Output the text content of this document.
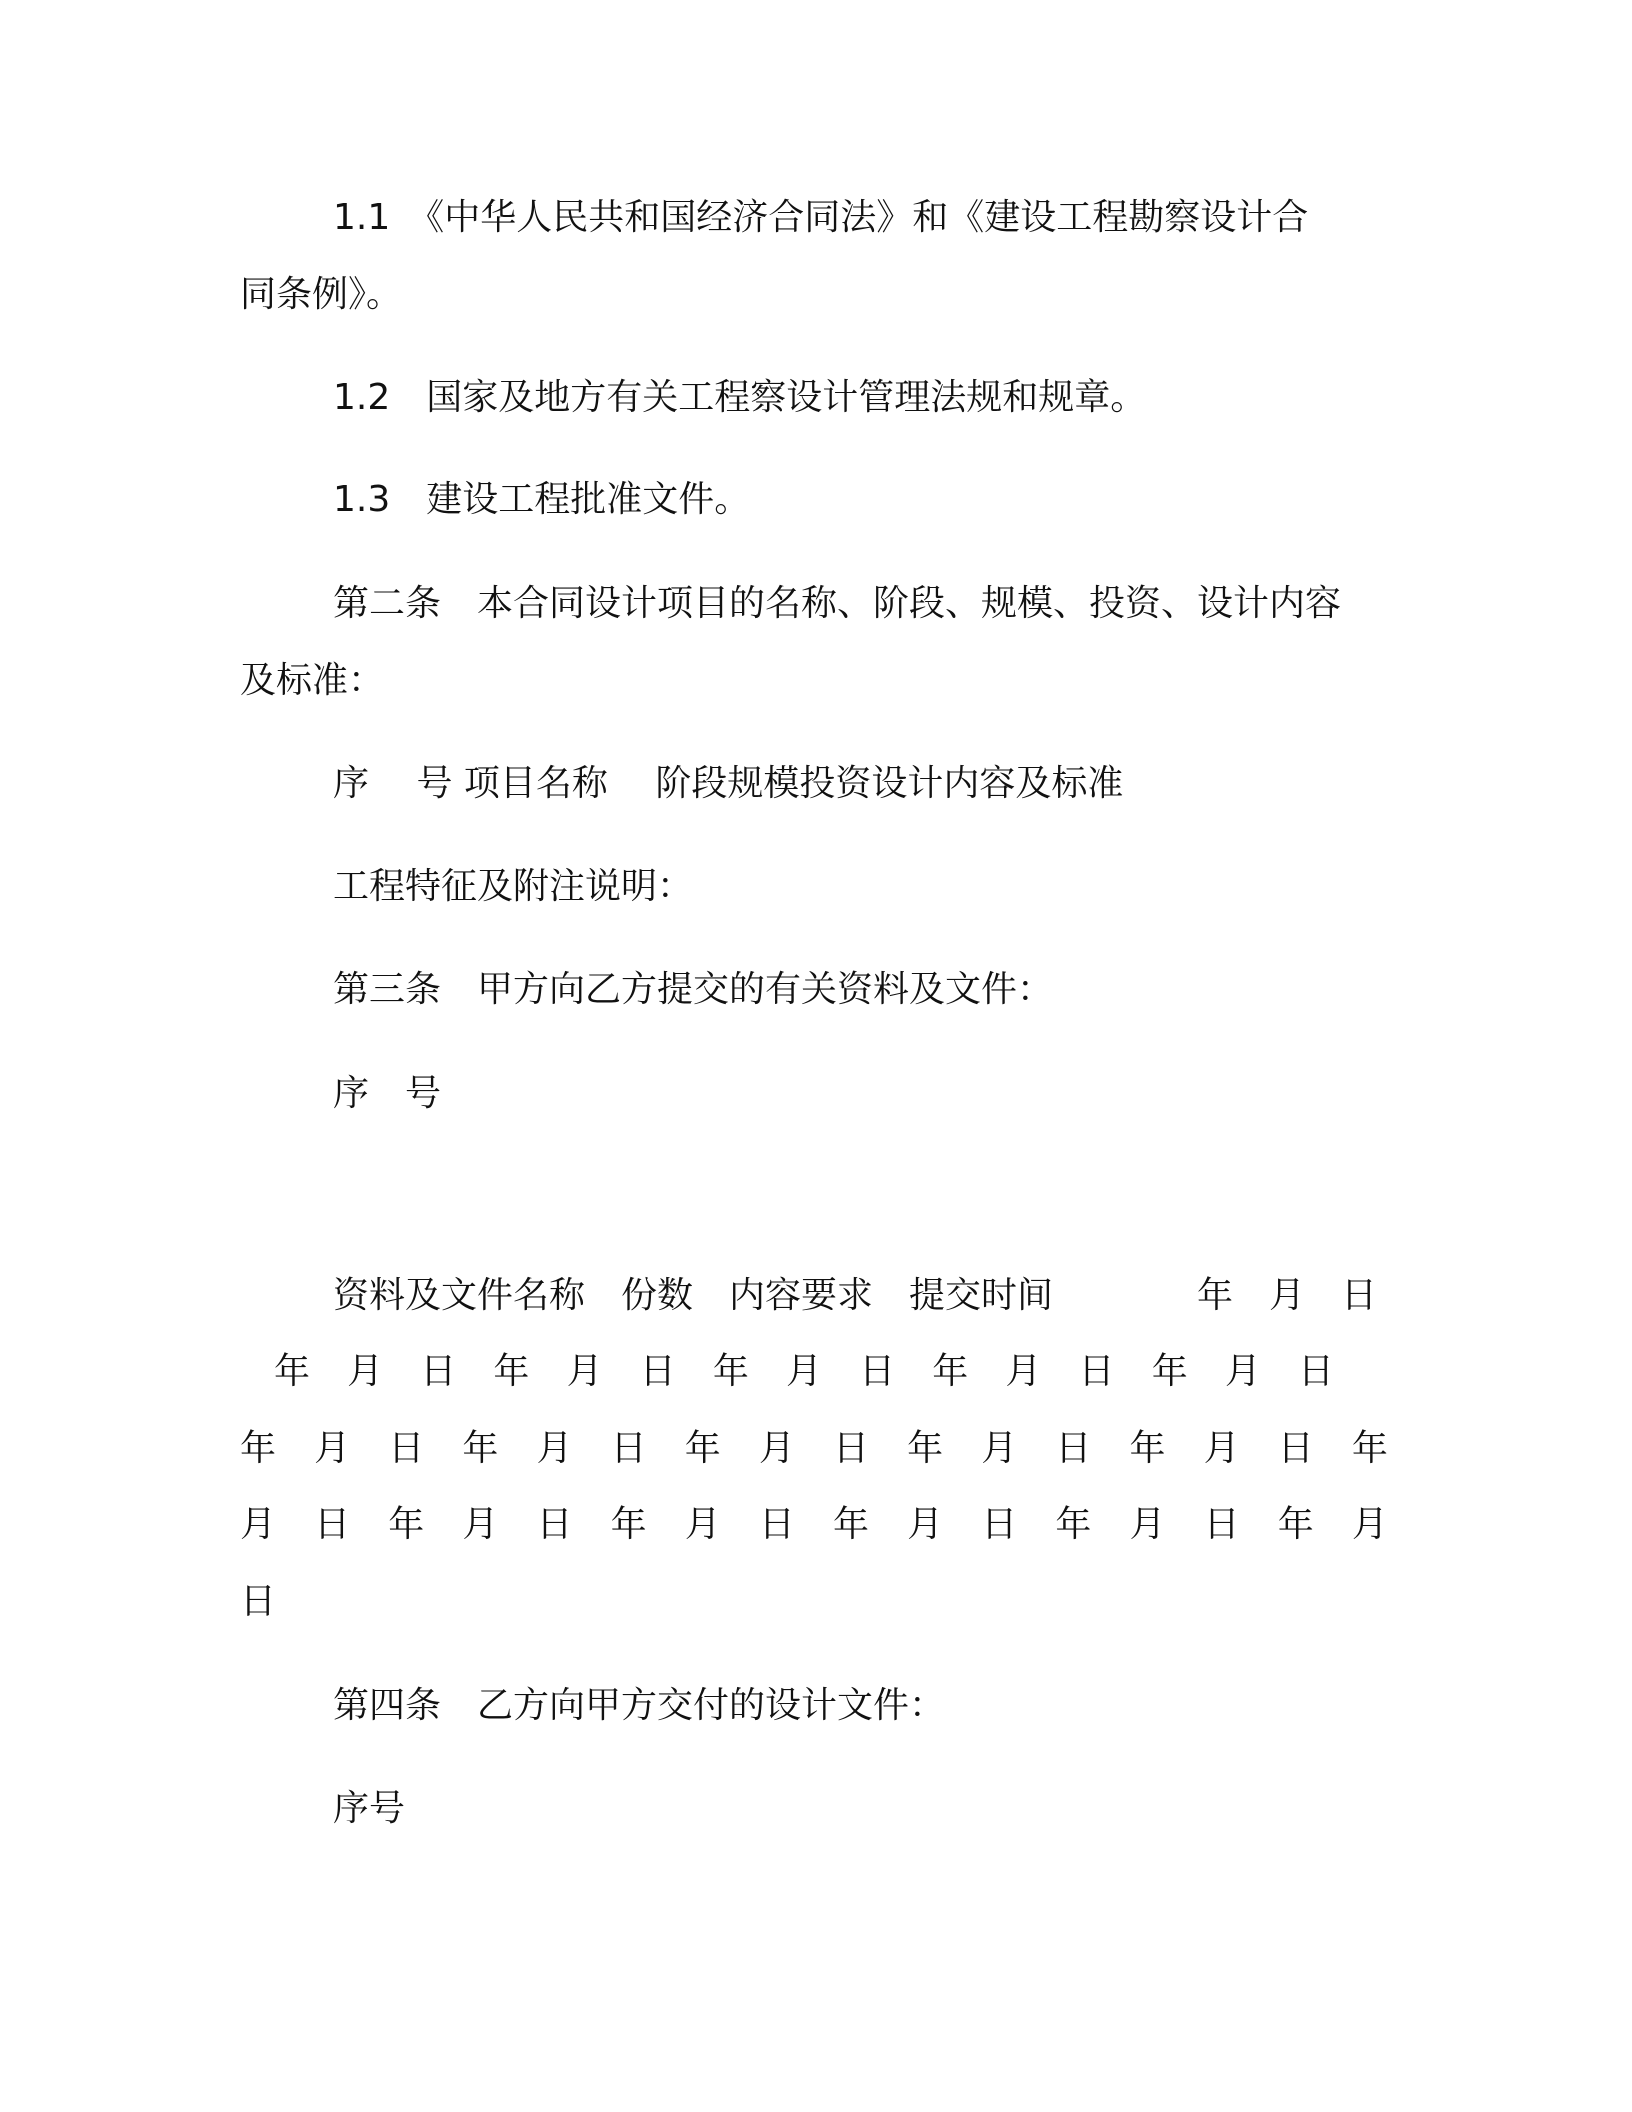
1.1　《中华人民共和国经济合同法》和《建设工程勘察设计合

同条例》。

1.2　国家及地方有关工程察设计管理法规和规章。

1.3　建设工程批准文件。

第二条　本合同设计项目的名称、阶段、规模、投资、设计内容

及标准：

序　 号 项目名称　 阶段规模投资设计内容及标准

工程特征及附注说明：

第三条　甲方向乙方提交的有关资料及文件：

序　号

资料及文件名称　份数　内容要求　提交时间　　　　年　月　日

年 月 日 年 月 日 年 月 日 年 月 日 年 月 日
年 月 日 年 月 日 年 月 日 年 月 日 年 月 日 年
月 日 年 月 日 年 月 日 年 月 日 年 月 日 年 月
日

第四条　乙方向甲方交付的设计文件：

序号
